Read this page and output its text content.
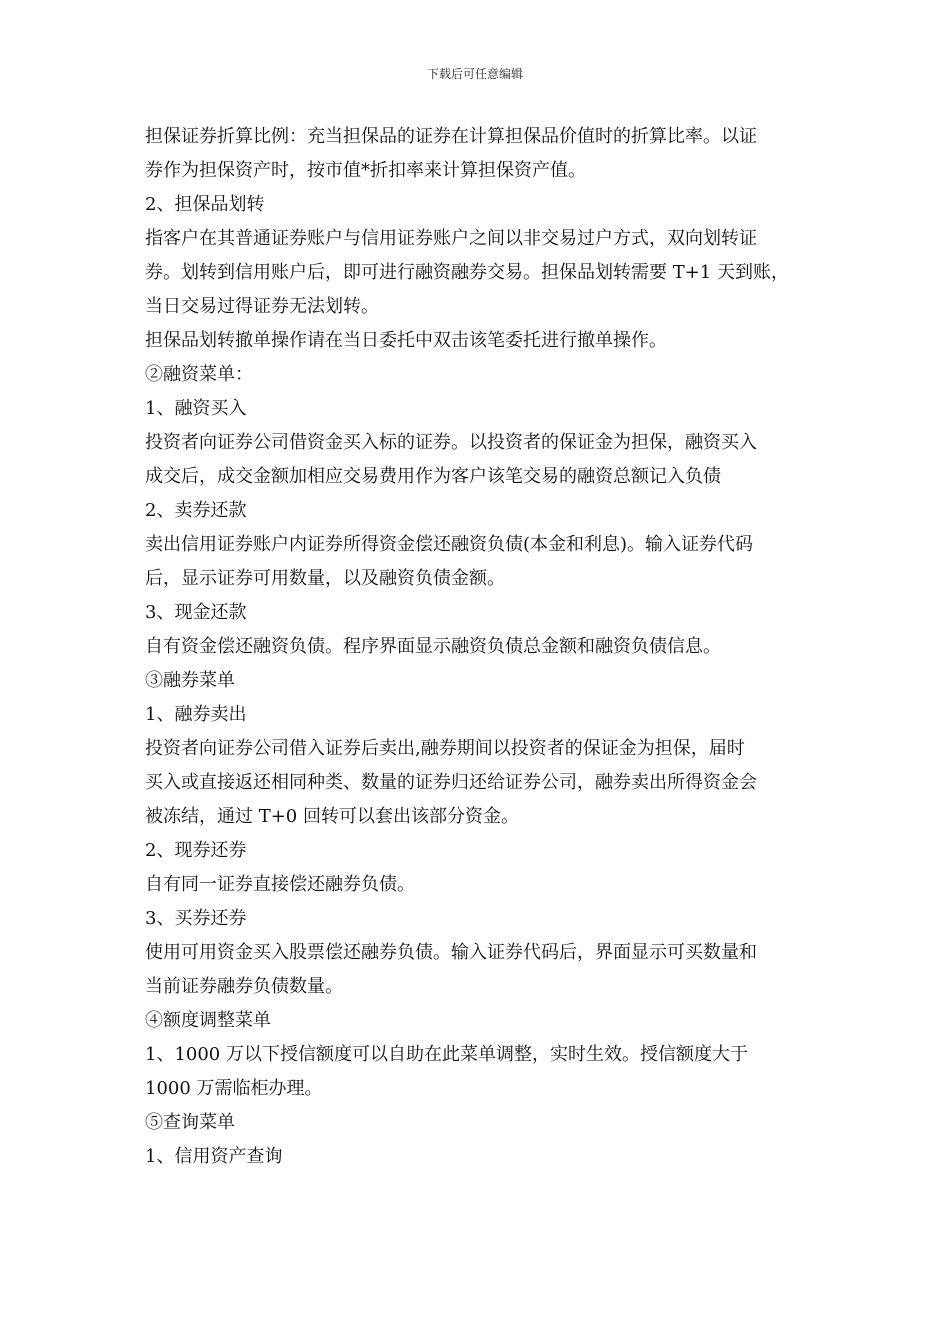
下载后可任意编辑
担保证券折算比例：充当担保品的证券在计算担保品价值时的折算比率。以证
券作为担保资产时，按市值*折扣率来计算担保资产值。
2、担保品划转
指客户在其普通证券账户与信用证券账户之间以非交易过户方式，双向划转证
券。划转到信用账户后，即可进行融资融券交易。担保品划转需要 T+1 天到账，
当日交易过得证券无法划转。
担保品划转撤单操作请在当日委托中双击该笔委托进行撤单操作。
②融资菜单：
1、融资买入
投资者向证券公司借资金买入标的证券。以投资者的保证金为担保，融资买入
成交后，成交金额加相应交易费用作为客户该笔交易的融资总额记入负债
2、卖券还款
卖出信用证券账户内证券所得资金偿还融资负债(本金和利息)。输入证券代码
后，显示证券可用数量，以及融资负债金额。
3、现金还款
自有资金偿还融资负债。程序界面显示融资负债总金额和融资负债信息。
③融券菜单
1、融券卖出
投资者向证券公司借入证券后卖出,融券期间以投资者的保证金为担保，届时
买入或直接返还相同种类、数量的证券归还给证券公司，融券卖出所得资金会
被冻结，通过 T+0 回转可以套出该部分资金。
2、现券还券
自有同一证券直接偿还融券负债。
3、买券还券
使用可用资金买入股票偿还融券负债。输入证券代码后，界面显示可买数量和
当前证券融券负债数量。
④额度调整菜单
1、1000 万以下授信额度可以自助在此菜单调整，实时生效。授信额度大于
1000 万需临柜办理。
⑤查询菜单
1、信用资产查询
